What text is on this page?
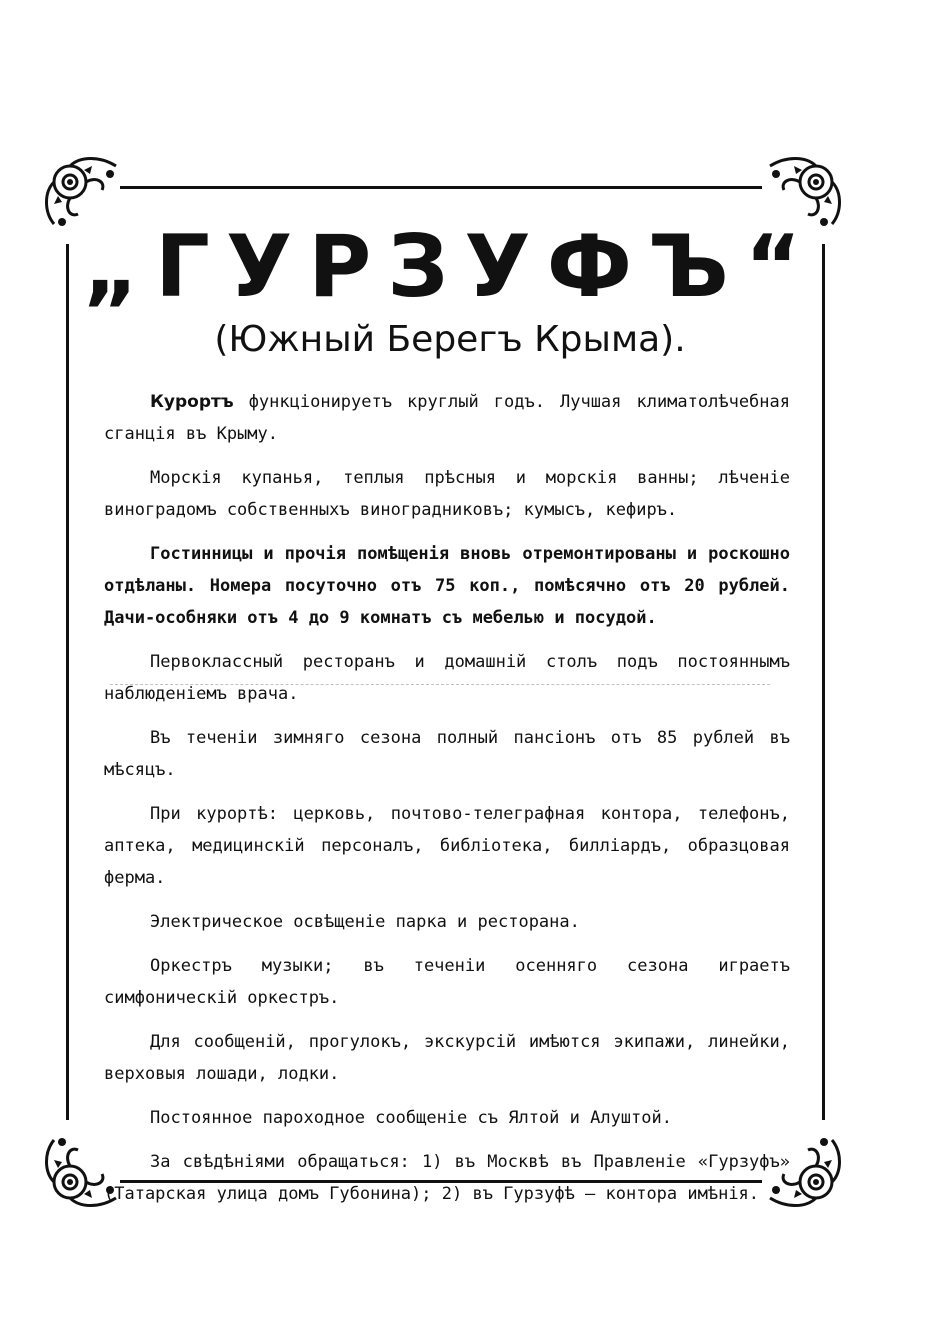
„ГУРЗУФЪ“
(Южный Берегъ Крыма).

Курортъ функціонируетъ круглый годъ. Лучшая климатолѣчебная сганція въ Крыму.

Морскія купанья, теплыя прѣсныя и морскія ванны; лѣченіе виноградомъ собственныхъ виноградниковъ; кумысъ, кефиръ.

Гостинницы и прочія помѣщенія вновь отремонтированы и роскошно отдѣланы. Номера посуточно отъ 75 коп., помѣсячно отъ 20 рублей. Дачи-особняки отъ 4 до 9 комнатъ съ мебелью и посудой.

Первоклассный ресторанъ и домашній столъ подъ постояннымъ наблюденіемъ врача.

Въ теченіи зимняго сезона полный пансіонъ отъ 85 рублей въ мѣсяцъ.

При курортѣ: церковь, почтово-телеграфная контора, телефонъ, аптека, медицинскій персоналъ, библіотека, билліардъ, образцовая ферма.

Электрическое освѣщеніе парка и ресторана.

Оркестръ музыки; въ теченіи осенняго сезона играетъ симфоническій оркестръ.

Для сообщеній, прогулокъ, экскурсій имѣются экипажи, линейки, верховыя лошади, лодки.

Постоянное пароходное сообщеніе съ Ялтой и Алуштой.

За свѣдѣніями обращаться: 1) въ Москвѣ въ Правленіе «Гурзуфъ» (Татарская улица домъ Губонина); 2) въ Гурзуфѣ — контора имѣнія.
